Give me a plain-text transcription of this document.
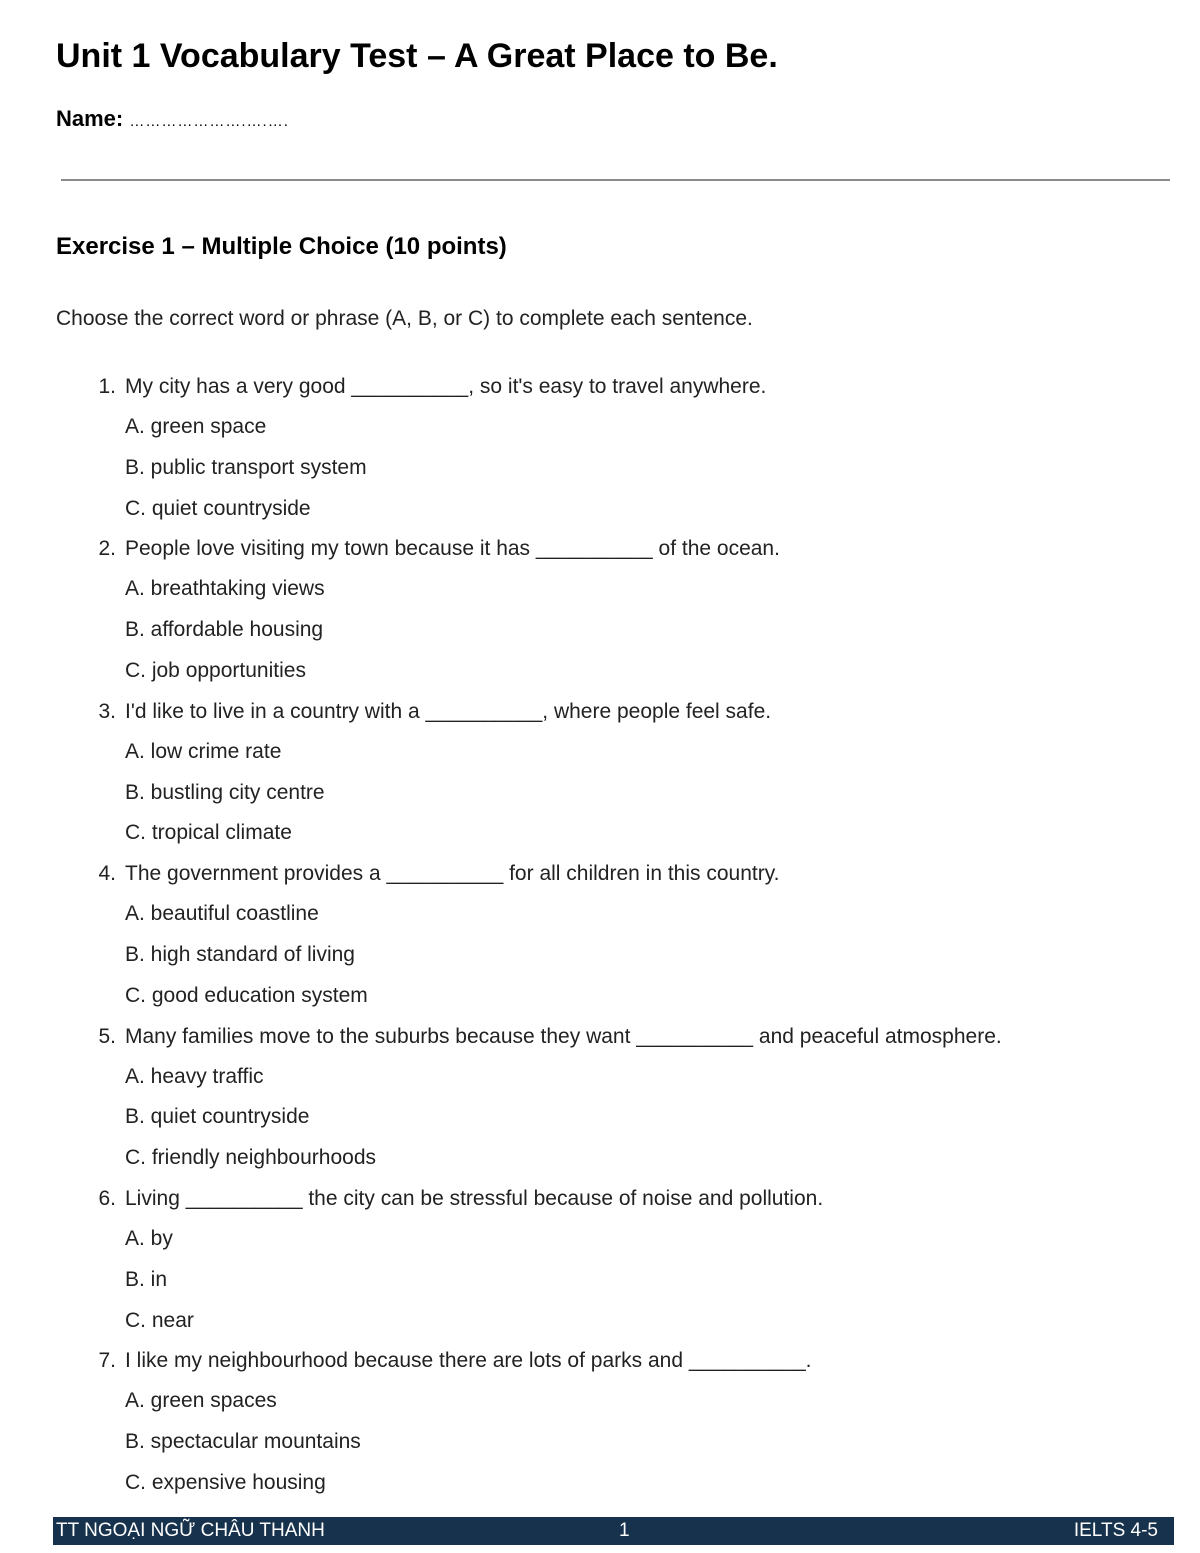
Unit 1 Vocabulary Test – A Great Place to Be.
Name: ………………….….….
Exercise 1 – Multiple Choice (10 points)
Choose the correct word or phrase (A, B, or C) to complete each sentence.
1. My city has a very good __________, so it's easy to travel anywhere.
A. green space
B. public transport system
C. quiet countryside
2. People love visiting my town because it has __________ of the ocean.
A. breathtaking views
B. affordable housing
C. job opportunities
3. I'd like to live in a country with a __________, where people feel safe.
A. low crime rate
B. bustling city centre
C. tropical climate
4. The government provides a __________ for all children in this country.
A. beautiful coastline
B. high standard of living
C. good education system
5. Many families move to the suburbs because they want __________ and peaceful atmosphere.
A. heavy traffic
B. quiet countryside
C. friendly neighbourhoods
6. Living __________ the city can be stressful because of noise and pollution.
A. by
B. in
C. near
7. I like my neighbourhood because there are lots of parks and __________.
A. green spaces
B. spectacular mountains
C. expensive housing
TT NGOẠI NGỮ CHÂU THANH	1	IELTS 4-5
